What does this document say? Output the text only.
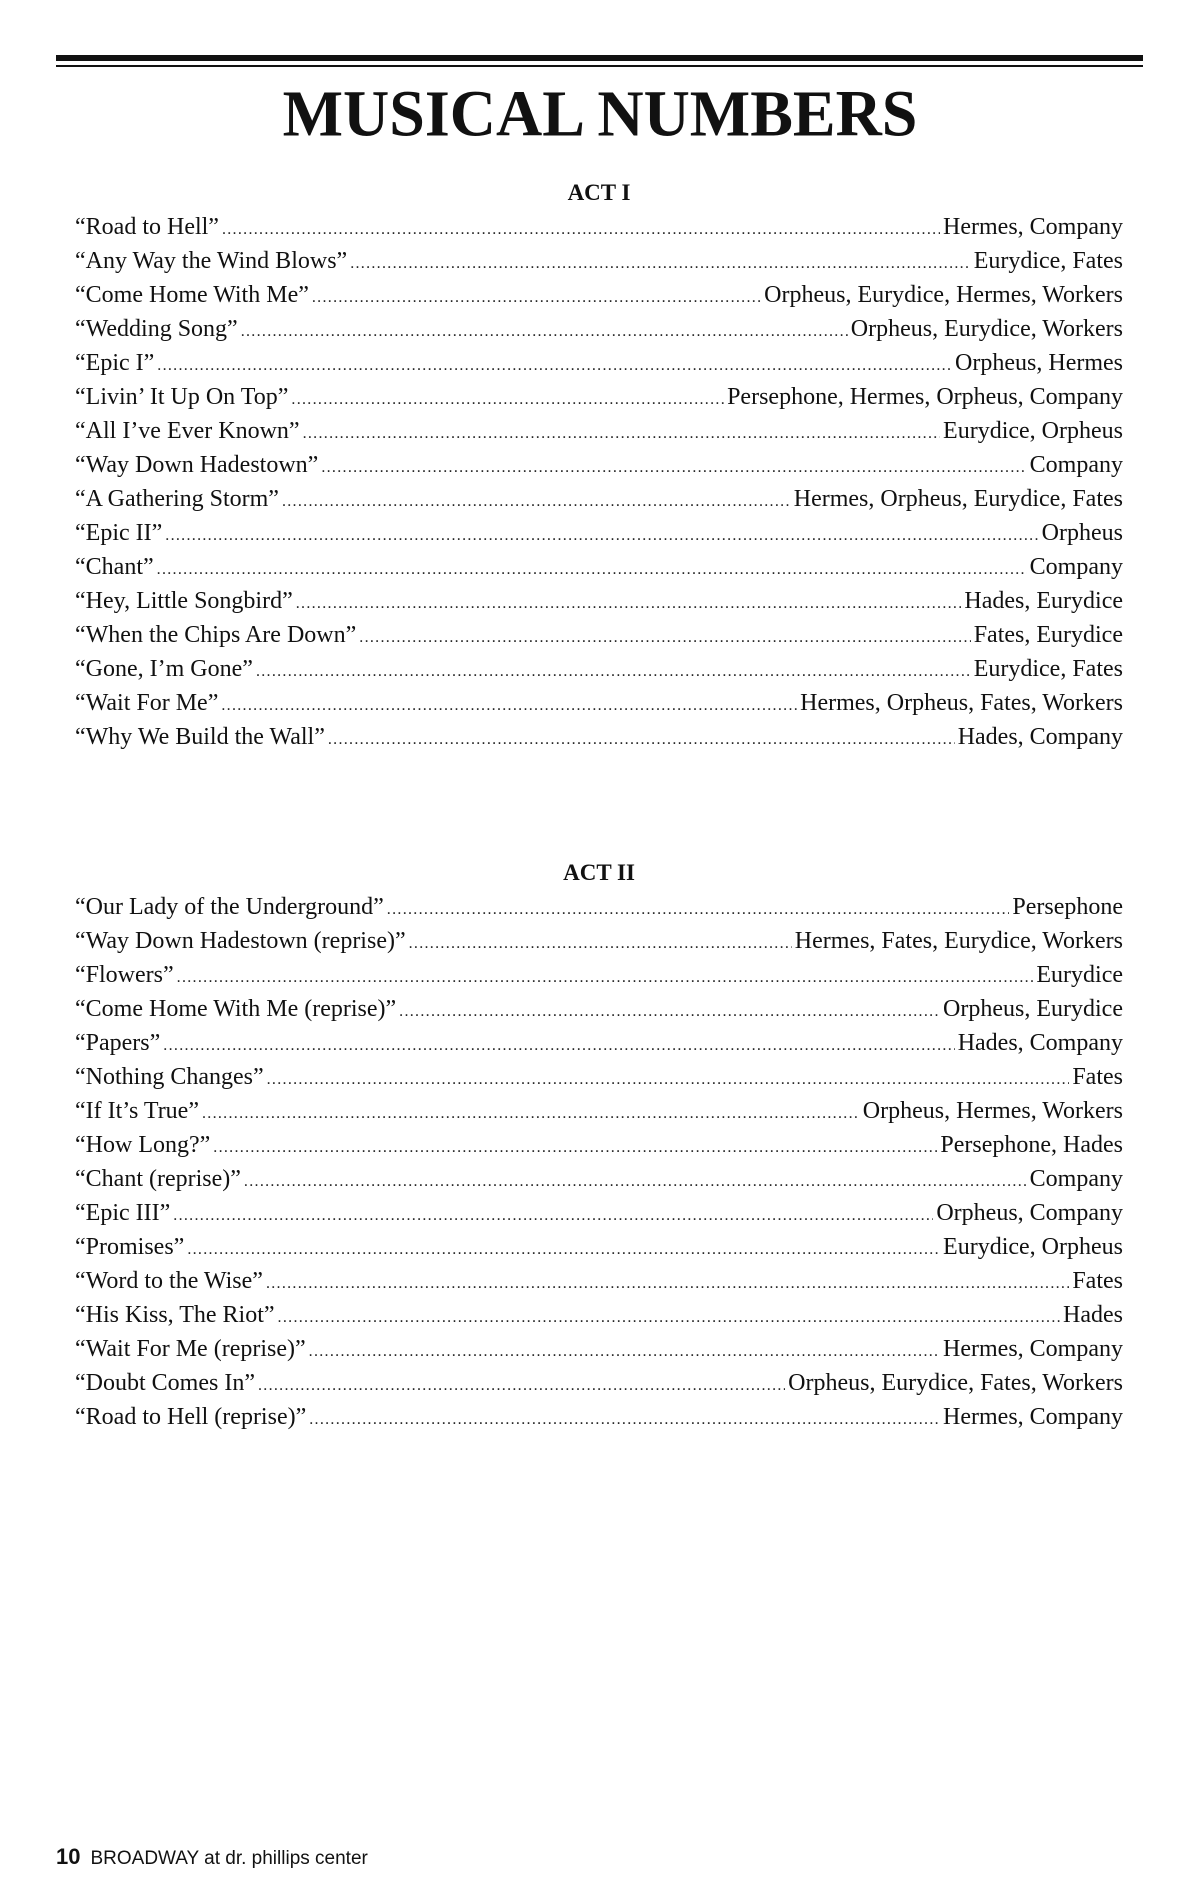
MUSICAL NUMBERS
ACT I
“Road to Hell” .....	Hermes, Company
“Any Way the Wind Blows” .....	Eurydice, Fates
“Come Home With Me” .....	Orpheus, Eurydice, Hermes, Workers
“Wedding Song” .....	Orpheus, Eurydice, Workers
“Epic I” .....	Orpheus, Hermes
“Livin’ It Up On Top” .....	Persephone, Hermes, Orpheus, Company
“All I’ve Ever Known” .....	Eurydice, Orpheus
“Way Down Hadestown” .....	Company
“A Gathering Storm” .....	Hermes, Orpheus, Eurydice, Fates
“Epic II” .....	Orpheus
“Chant” .....	Company
“Hey, Little Songbird” .....	Hades, Eurydice
“When the Chips Are Down” .....	Fates, Eurydice
“Gone, I’m Gone” .....	Eurydice, Fates
“Wait For Me” .....	Hermes, Orpheus, Fates, Workers
“Why We Build the Wall” .....	Hades, Company
ACT II
“Our Lady of the Underground” .....	Persephone
“Way Down Hadestown (reprise)” .....	Hermes, Fates, Eurydice, Workers
“Flowers” .....	Eurydice
“Come Home With Me (reprise)” .....	Orpheus, Eurydice
“Papers” .....	Hades, Company
“Nothing Changes” .....	Fates
“If It’s True” .....	Orpheus, Hermes, Workers
“How Long?” .....	Persephone, Hades
“Chant (reprise)” .....	Company
“Epic III” .....	Orpheus, Company
“Promises” .....	Eurydice, Orpheus
“Word to the Wise” .....	Fates
“His Kiss, The Riot” .....	Hades
“Wait For Me (reprise)” .....	Hermes, Company
“Doubt Comes In” .....	Orpheus, Eurydice, Fates, Workers
“Road to Hell (reprise)” .....	Hermes, Company
10 BROADWAY at dr. phillips center
